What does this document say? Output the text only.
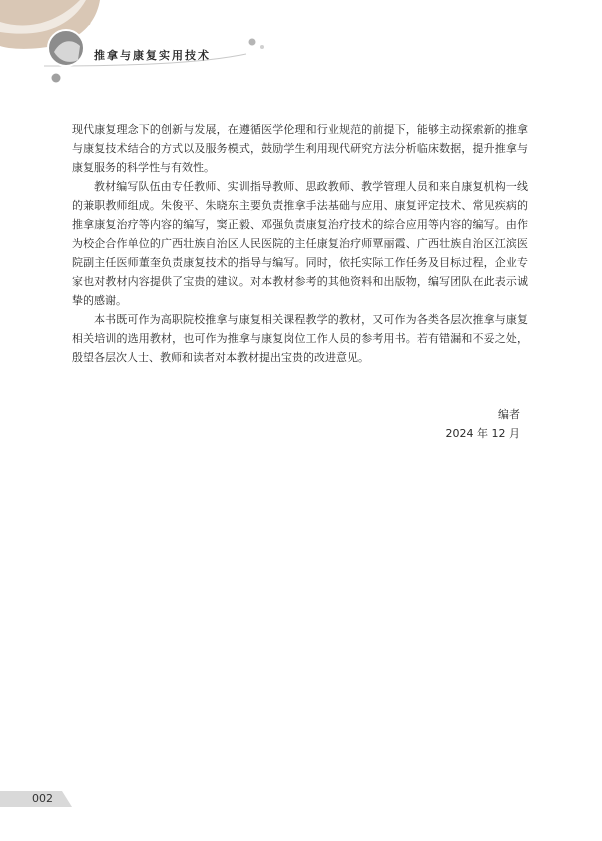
推拿与康复实用技术

现代康复理念下的创新与发展，在遵循医学伦理和行业规范的前提下，能够主动探索新的推拿与康复技术结合的方式以及服务模式，鼓励学生利用现代研究方法分析临床数据，提升推拿与康复服务的科学性与有效性。

教材编写队伍由专任教师、实训指导教师、思政教师、教学管理人员和来自康复机构一线的兼职教师组成。朱俊平、朱晓东主要负责推拿手法基础与应用、康复评定技术、常见疾病的推拿康复治疗等内容的编写，窦正毅、邓强负责康复治疗技术的综合应用等内容的编写。由作为校企合作单位的广西壮族自治区人民医院的主任康复治疗师覃丽霞、广西壮族自治区江滨医院副主任医师董奎负责康复技术的指导与编写。同时，依托实际工作任务及目标过程，企业专家也对教材内容提供了宝贵的建议。对本教材参考的其他资料和出版物，编写团队在此表示诚挚的感谢。

本书既可作为高职院校推拿与康复相关课程教学的教材，又可作为各类各层次推拿与康复相关培训的选用教材，也可作为推拿与康复岗位工作人员的参考用书。若有错漏和不妥之处，殷望各层次人士、教师和读者对本教材提出宝贵的改进意见。

编者
2024 年 12 月
002
